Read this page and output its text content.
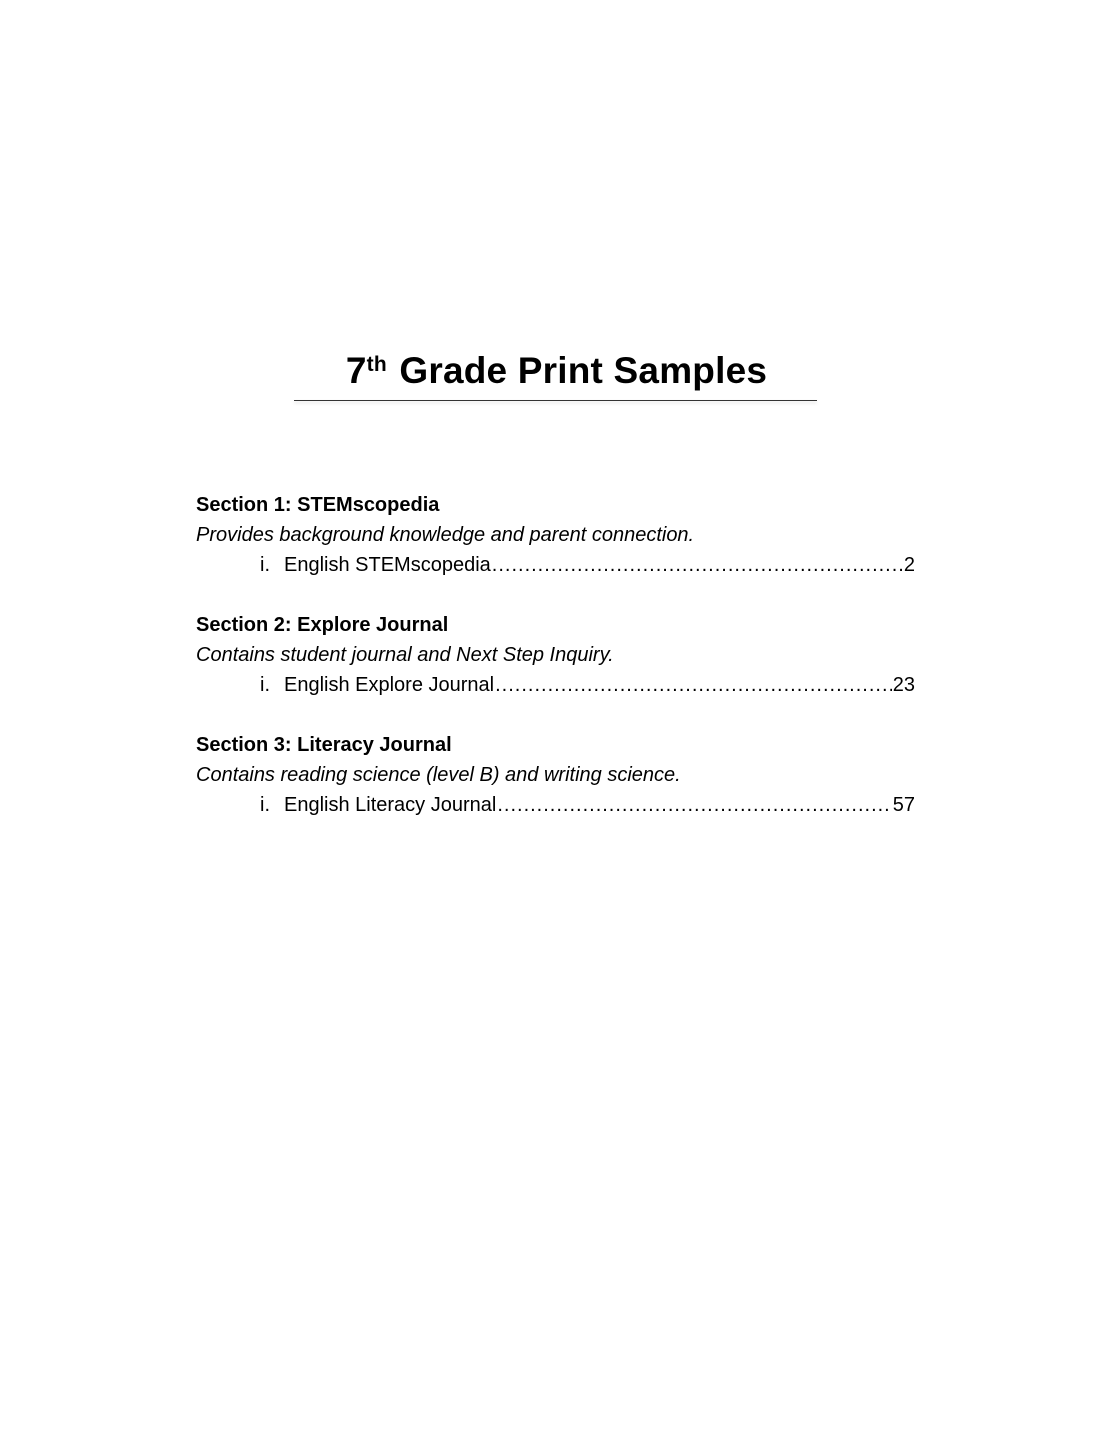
7th Grade Print Samples
Section 1: STEMscopedia
Provides background knowledge and parent connection.
i. English STEMscopedia .....	2
Section 2: Explore Journal
Contains student journal and Next Step Inquiry.
i. English Explore Journal .....	23
Section 3: Literacy Journal
Contains reading science (level B) and writing science.
i. English Literacy Journal .....	57
